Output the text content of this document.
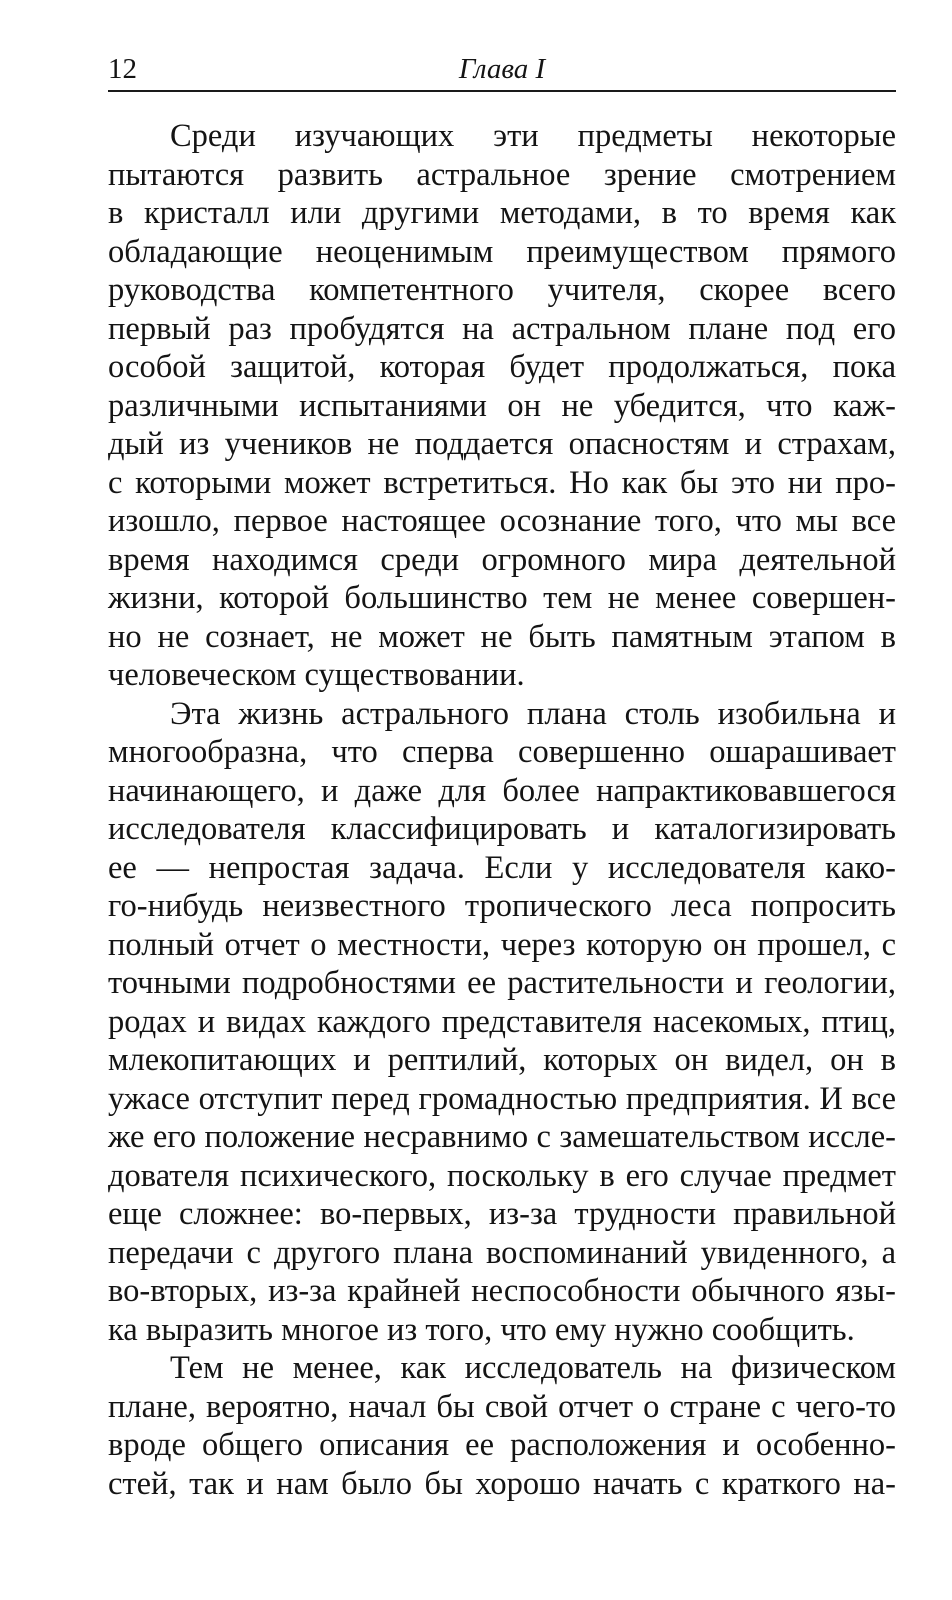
12	Глава I

Среди изучающих эти предметы некоторые
пытаются развить астральное зрение смотрением
в кристалл или другими методами, в то время как
обладающие неоценимым преимуществом прямого
руководства компетентного учителя, скорее всего
первый раз пробудятся на астральном плане под его
особой защитой, которая будет продолжаться, пока
различными испытаниями он не убедится, что каж-
дый из учеников не поддается опасностям и страхам,
с которыми может встретиться. Но как бы это ни про-
изошло, первое настоящее осознание того, что мы все
время находимся среди огромного мира деятельной
жизни, которой большинство тем не менее совершен-
но не сознает, не может не быть памятным этапом в
человеческом существовании.

Эта жизнь астрального плана столь изобильна и
многообразна, что сперва совершенно ошарашивает
начинающего, и даже для более напрактиковавшегося
исследователя классифицировать и каталогизировать
ее — непростая задача. Если у исследователя како-
го-нибудь неизвестного тропического леса попросить
полный отчет о местности, через которую он прошел, с
точными подробностями ее растительности и геологии,
родах и видах каждого представителя насекомых, птиц,
млекопитающих и рептилий, которых он видел, он в
ужасе отступит перед громадностью предприятия. И все
же его положение несравнимо с замешательством иссле-
дователя психического, поскольку в его случае предмет
еще сложнее: во-первых, из-за трудности правильной
передачи с другого плана воспоминаний увиденного, а
во-вторых, из-за крайней неспособности обычного язы-
ка выразить многое из того, что ему нужно сообщить.

Тем не менее, как исследователь на физическом
плане, вероятно, начал бы свой отчет о стране с чего-то
вроде общего описания ее расположения и особенно-
стей, так и нам было бы хорошо начать с краткого на-
